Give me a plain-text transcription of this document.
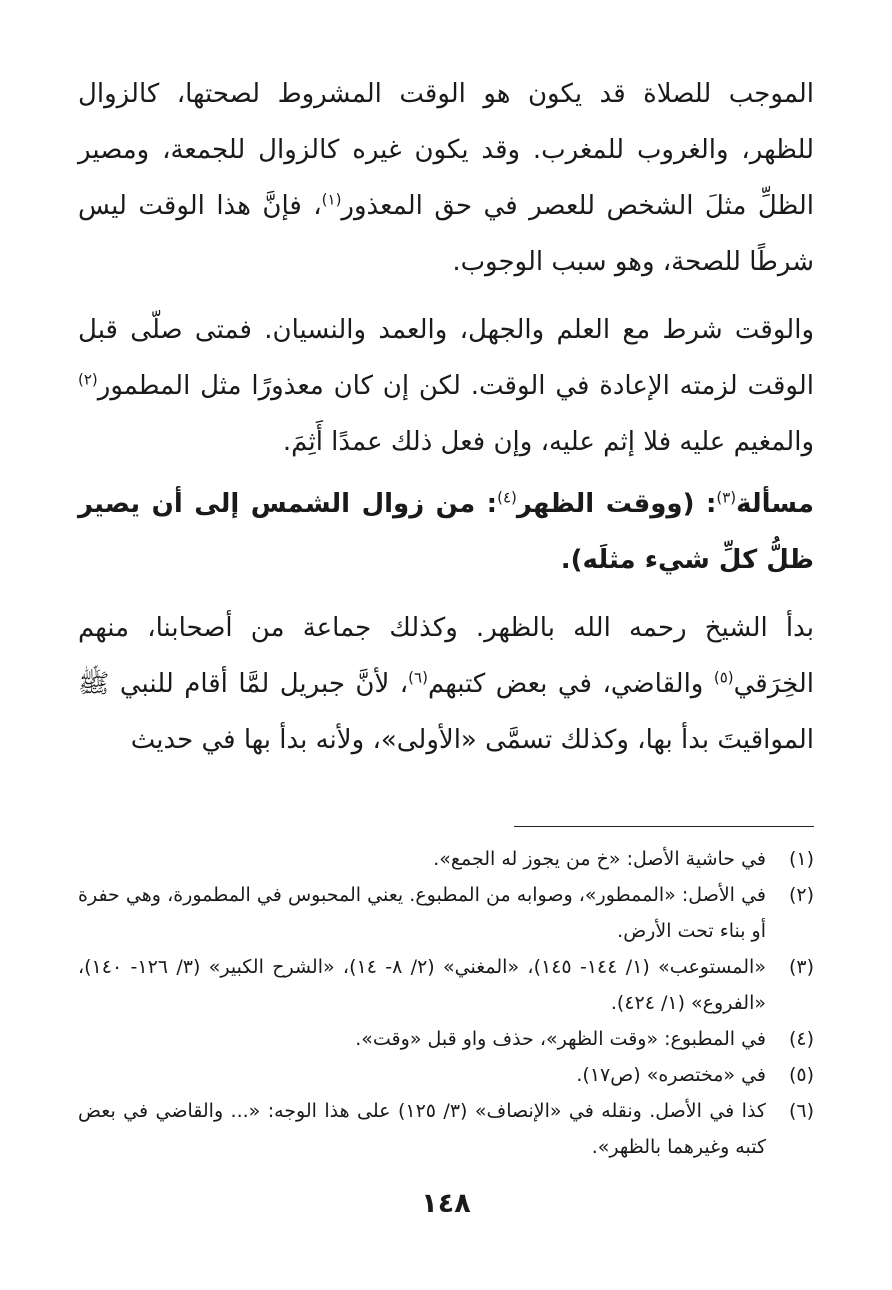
الموجب للصلاة قد يكون هو الوقت المشروط لصحتها، كالزوال للظهر، والغروب للمغرب. وقد يكون غيره كالزوال للجمعة، ومصير الظلِّ مثلَ الشخص للعصر في حق المعذور$^{(١)}$، فإنَّ هذا الوقت ليس شرطًا للصحة، وهو سبب الوجوب.

والوقت شرط مع العلم والجهل، والعمد والنسيان. فمتى صلّى قبل الوقت لزمته الإعادة في الوقت. لكن إن كان معذورًا مثل المطمور$^{(٢)}$ والمغيم عليه فلا إثم عليه، وإن فعل ذلك عمدًا أَثِمَ.

مسألة$^{(٣)}$: (ووقت الظهر$^{(٤)}$: من زوال الشمس إلى أن يصير ظلُّ كلِّ شيء مثلَه).

بدأ الشيخ رحمه الله بالظهر. وكذلك جماعة من أصحابنا، منهم الخِرَقي$^{(٥)}$ والقاضي، في بعض كتبهم$^{(٦)}$، لأنَّ جبريل لمَّا أقام للنبي ﷺ المواقيتَ بدأ بها، وكذلك تسمَّى «الأولى»، ولأنه بدأ بها في حديث

(١)
في حاشية الأصل: «خ من يجوز له الجمع».
(٢)
في الأصل: «الممطور»، وصوابه من المطبوع. يعني المحبوس في المطمورة، وهي حفرة أو بناء تحت الأرض.
(٣)
«المستوعب» (١/ ١٤٤- ١٤٥)، «المغني» (٢/ ٨- ١٤)، «الشرح الكبير» (٣/ ١٢٦- ١٤٠)، «الفروع» (١/ ٤٢٤).
(٤)
في المطبوع: «وقت الظهر»، حذف واو قبل «وقت».
(٥)
في «مختصره» (ص١٧).
(٦)
كذا في الأصل. ونقله في «الإنصاف» (٣/ ١٢٥) على هذا الوجه: «... والقاضي في بعض كتبه وغيرهما بالظهر».
١٤٨
